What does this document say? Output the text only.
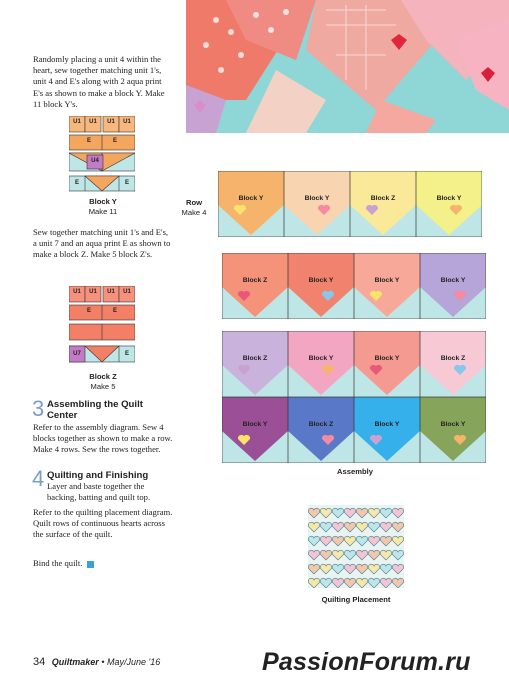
Randomly placing a unit 4 within the heart, sew together matching unit 1's, unit 4 and E's along with 2 aqua print E's as shown to make a block Y. Make 11 block Y's.
U1	U1	U1	U1
E	E
U4
E	E
Block Y
Make 11
Sew together matching unit 1's and E's, a unit 7 and an aqua print E as shown to make a block Z. Make 5 block Z's.
U1	U1	U1	U1
E	E
U7	E
Block Z
Make 5
3 Assembling the Quilt Center
Refer to the assembly diagram. Sew 4 blocks together as shown to make a row. Make 4 rows. Sew the rows together.
4 Quilting and Finishing
Layer and baste together the backing, batting and quilt top.
Refer to the quilting placement diagram. Quilt rows of continuous hearts across the surface of the quilt.
Bind the quilt.
Row
Make 4
Block Y	Block Y	Block Z	Block Y
Block Z	Block Y	Block Y	Block Y
Block Z	Block Y	Block Y	Block Z
Block Y	Block Z	Block Y	Block Y
Assembly
Quilting Placement
34 Quiltmaker • May/June '16	PassionForum.ru
